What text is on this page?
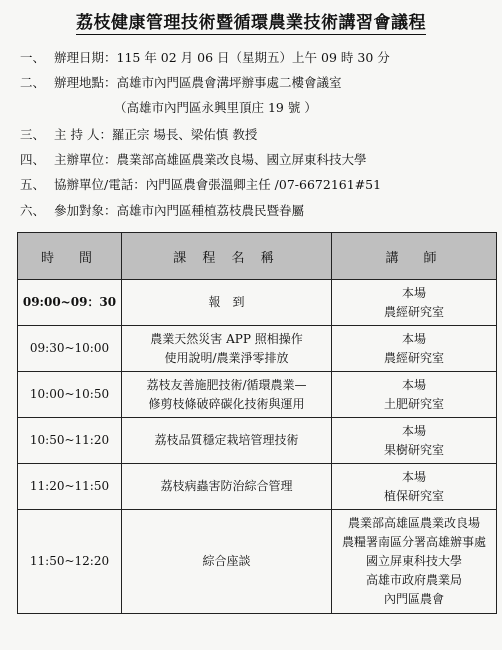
荔枝健康管理技術暨循環農業技術講習會議程
一、 辦理日期：115 年 02 月 06 日（星期五）上午 09 時 30 分
二、 辦理地點：高雄市內門區農會溝坪辦事處二樓會議室
（高雄市內門區永興里頂庄 19 號 ）
三、 主 持 人：羅正宗 場長、梁佑慎 教授
四、 主辦單位：農業部高雄區農業改良場、國立屏東科技大學
五、 協辦單位/電話：內門區農會張溫卿主任 /07-6672161#51
六、 參加對象：高雄市內門區種植荔枝農民暨眷屬
時　間	課 程 名 稱	講　師
09:00~09：30	報　到	本場
農經研究室

09:30~10:00	農業天然災害 APP 照相操作
使用說明/農業淨零排放	本場
農經研究室

10:00~10:50	荔枝友善施肥技術/循環農業—
修剪枝條破碎碳化技術與運用	本場
土肥研究室

10:50~11:20	荔枝品質穩定栽培管理技術	本場
果樹研究室

11:20~11:50	荔枝病蟲害防治綜合管理	本場
植保研究室

11:50~12:20	綜合座談	農業部高雄區農業改良場
農糧署南區分署高雄辦事處
國立屏東科技大學
高雄市政府農業局
內門區農會
